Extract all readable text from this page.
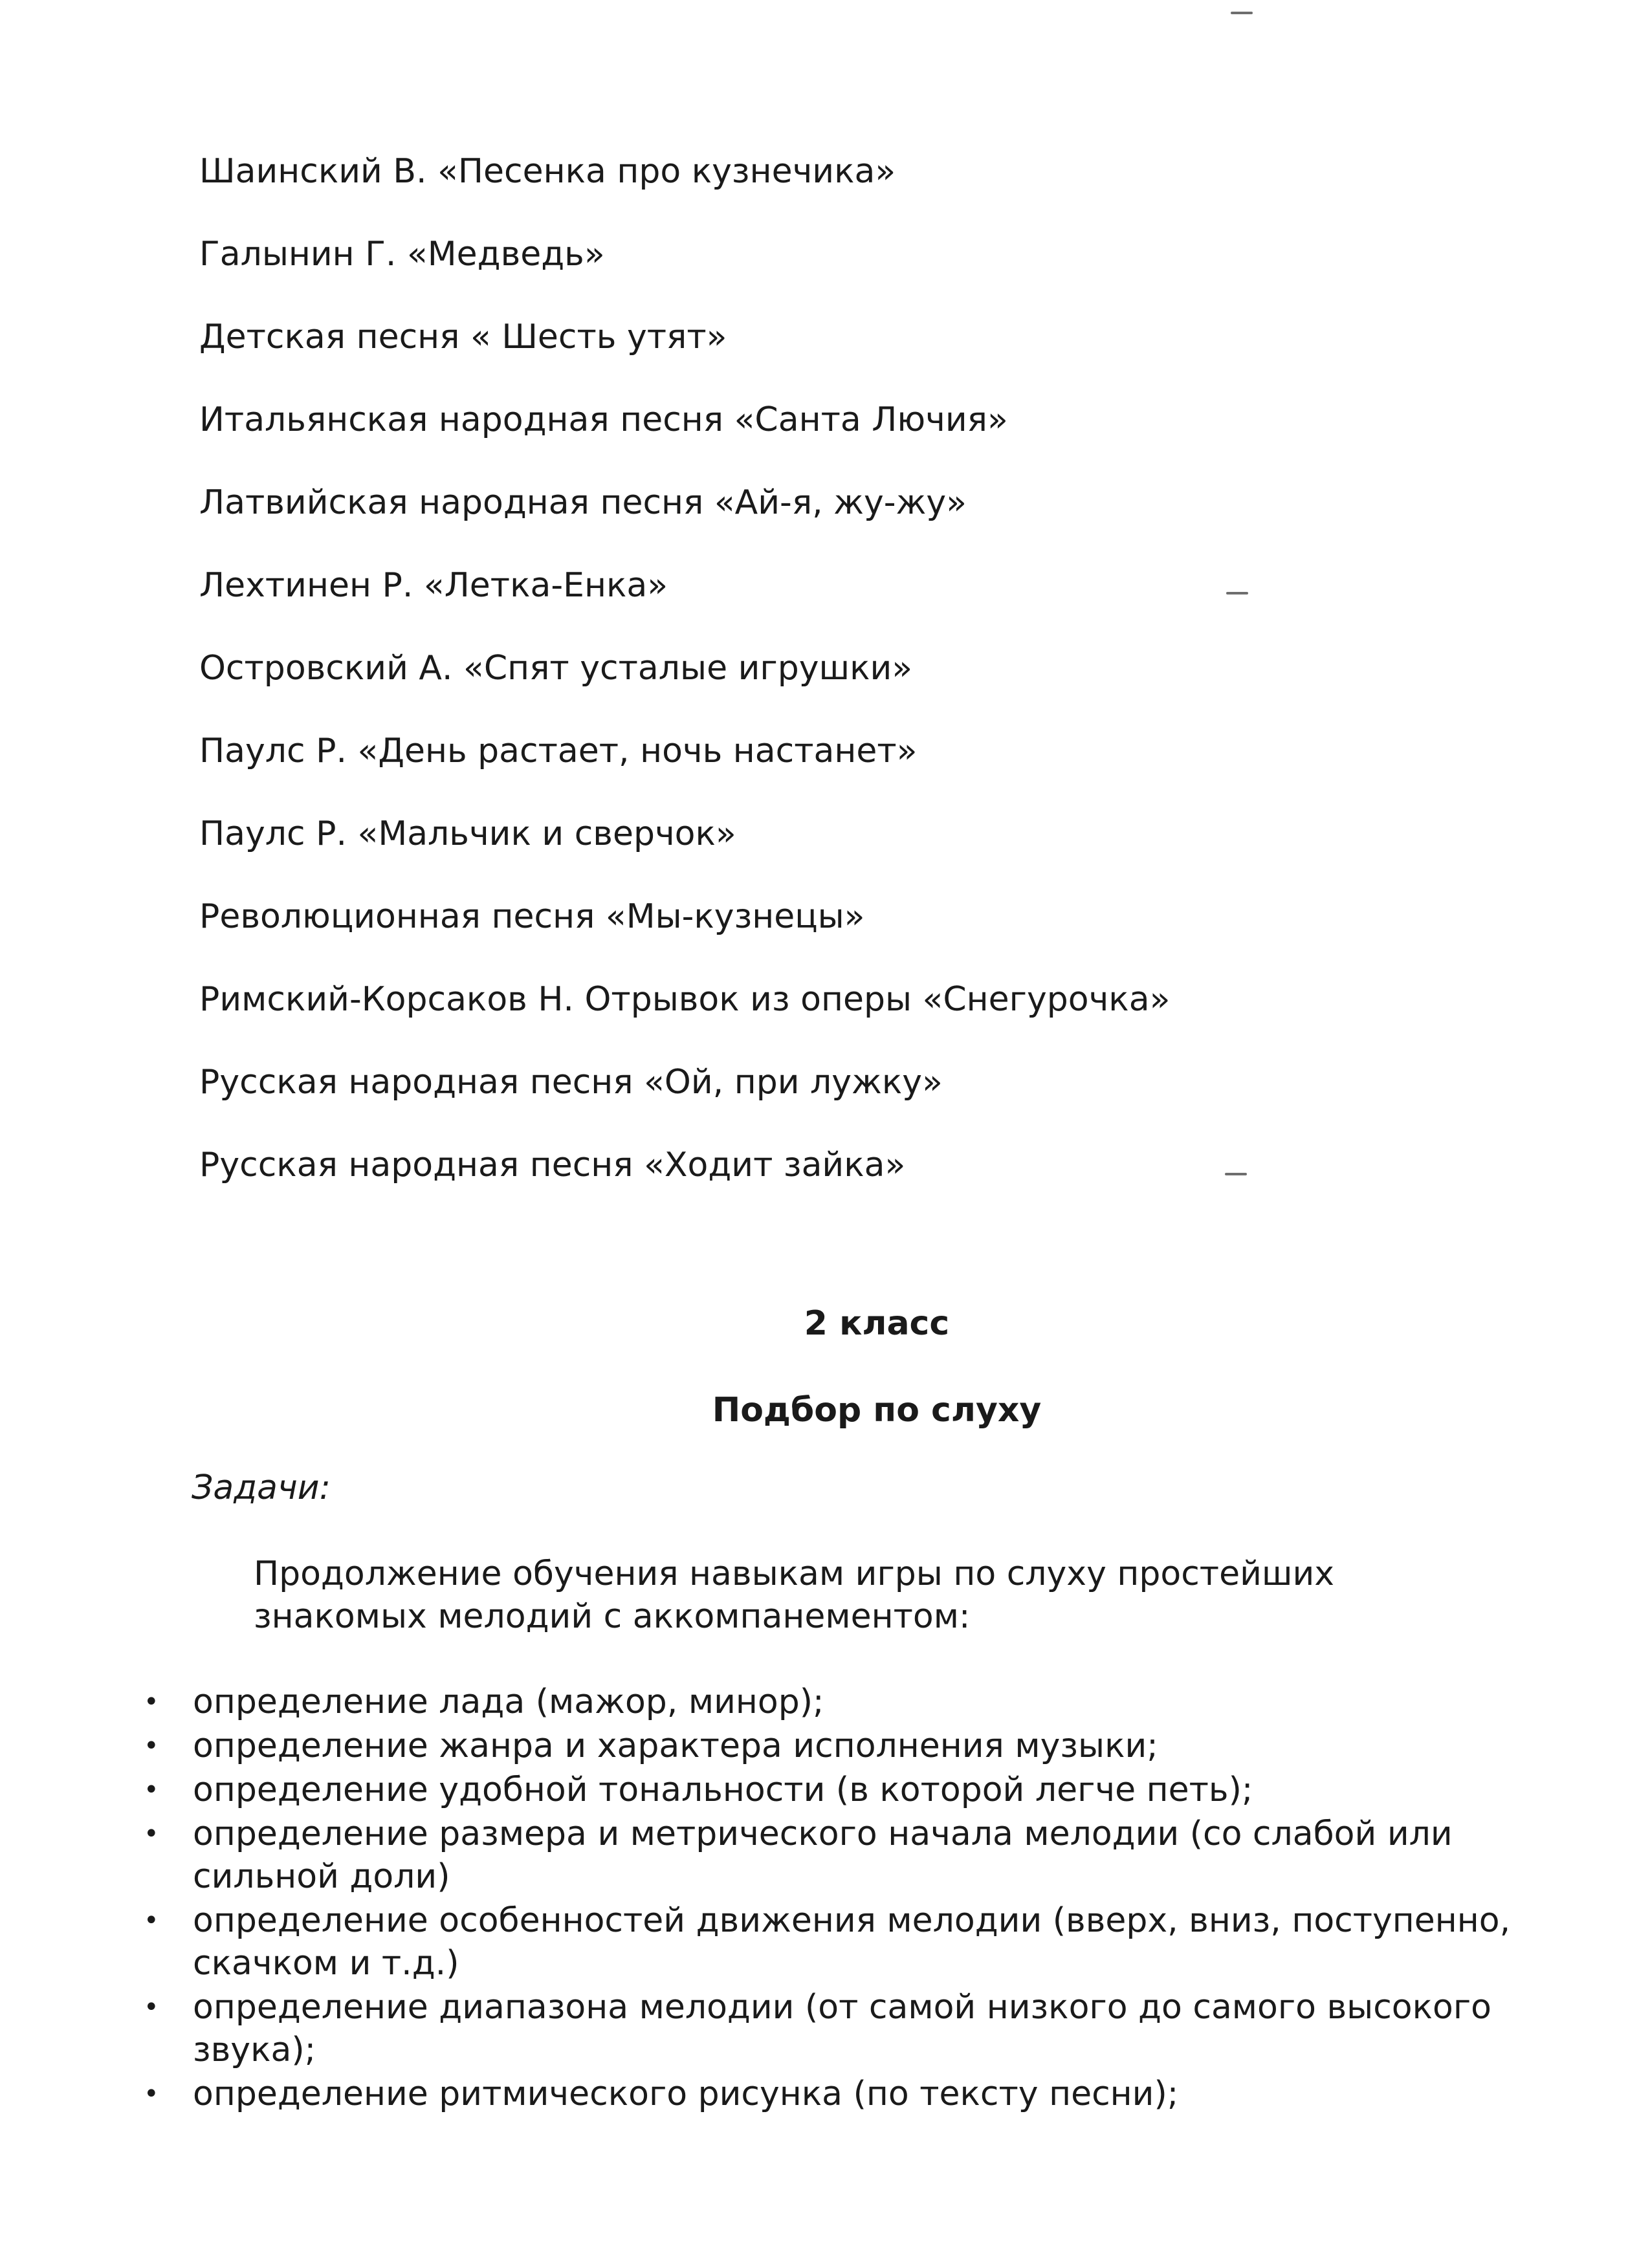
Шаинский В. «Песенка про кузнечика»
Галынин Г. «Медведь»
Детская песня « Шесть утят»
Итальянская народная песня «Санта Лючия»
Латвийская народная песня «Ай-я, жу-жу»
Лехтинен Р. «Летка-Енка»
Островский А. «Спят усталые игрушки»
Паулс Р. «День растает, ночь настанет»
Паулс Р. «Мальчик и сверчок»
Революционная песня «Мы-кузнецы»
Римский-Корсаков Н. Отрывок из оперы «Снегурочка»
Русская народная песня «Ой, при лужку»
Русская народная песня «Ходит зайка»
2 класс
Подбор по слуху

Задачи:

Продолжение обучения навыкам игры по слуху простейших знакомых мелодий с аккомпанементом:

• определение лада (мажор, минор);
• определение жанра и характера исполнения музыки;
• определение удобной тональности (в которой легче петь);
• определение размера и метрического начала мелодии (со слабой или сильной доли)
• определение особенностей движения мелодии (вверх, вниз, поступенно, скачком и т.д.)
• определение диапазона мелодии (от самой низкого до самого высокого звука);
• определение ритмического рисунка (по тексту песни);
